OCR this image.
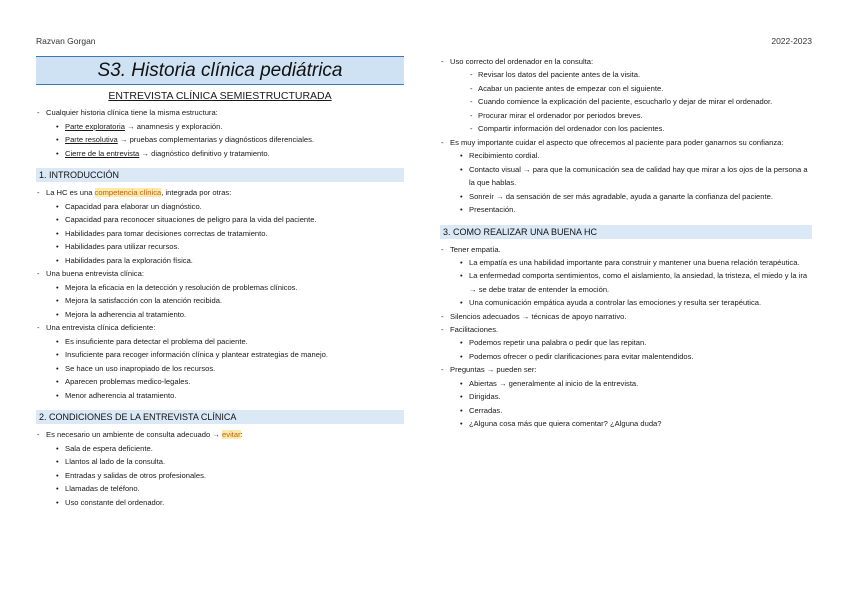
Razvan Gorgan	2022-2023
S3. Historia clínica pediátrica
ENTREVISTA CLÍNICA SEMIESTRUCTURADA
- Cualquier historia clínica tiene la misma estructura:
• Parte exploratoria → anamnesis y exploración.
• Parte resolutiva → pruebas complementarias y diagnósticos diferenciales.
• Cierre de la entrevista → diagnóstico definitivo y tratamiento.
1. INTRODUCCIÓN
- La HC es una competencia clínica, integrada por otras:
• Capacidad para elaborar un diagnóstico.
• Capacidad para reconocer situaciones de peligro para la vida del paciente.
• Habilidades para tomar decisiones correctas de tratamiento.
• Habilidades para utilizar recursos.
• Habilidades para la exploración física.
- Una buena entrevista clínica:
• Mejora la eficacia en la detección y resolución de problemas clínicos.
• Mejora la satisfacción con la atención recibida.
• Mejora la adherencia al tratamiento.
- Una entrevista clínica deficiente:
• Es insuficiente para detectar el problema del paciente.
• Insuficiente para recoger información clínica y plantear estrategias de manejo.
• Se hace un uso inapropiado de los recursos.
• Aparecen problemas medico-legales.
• Menor adherencia al tratamiento.
2. CONDICIONES DE LA ENTREVISTA CLÍNICA
- Es necesario un ambiente de consulta adecuado → evitar:
• Sala de espera deficiente.
• Llantos al lado de la consulta.
• Entradas y salidas de otros profesionales.
• Llamadas de teléfono.
• Uso constante del ordenador.
- Uso correcto del ordenador en la consulta:
- Revisar los datos del paciente antes de la visita.
- Acabar un paciente antes de empezar con el siguiente.
- Cuando comience la explicación del paciente, escucharlo y dejar de mirar el ordenador.
- Procurar mirar el ordenador por periodos breves.
- Compartir información del ordenador con los pacientes.
- Es muy importante cuidar el aspecto que ofrecemos al paciente para poder ganarnos su confianza:
• Recibimiento cordial.
• Contacto visual → para que la comunicación sea de calidad hay que mirar a los ojos de la persona a la que hablas.
• Sonreír → da sensación de ser más agradable, ayuda a ganarte la confianza del paciente.
• Presentación.
3. COMO REALIZAR UNA BUENA HC
- Tener empatía.
• La empatía es una habilidad importante para construir y mantener una buena relación terapéutica.
• La enfermedad comporta sentimientos, como el aislamiento, la ansiedad, la tristeza, el miedo y la ira → se debe tratar de entender la emoción.
• Una comunicación empática ayuda a controlar las emociones y resulta ser terapéutica.
- Silencios adecuados → técnicas de apoyo narrativo.
- Facilitaciones.
• Podemos repetir una palabra o pedir que las repitan.
• Podemos ofrecer o pedir clarificaciones para evitar malentendidos.
- Preguntas → pueden ser:
• Abiertas → generalmente al inicio de la entrevista.
• Dirigidas.
• Cerradas.
• ¿Alguna cosa más que quiera comentar? ¿Alguna duda?
